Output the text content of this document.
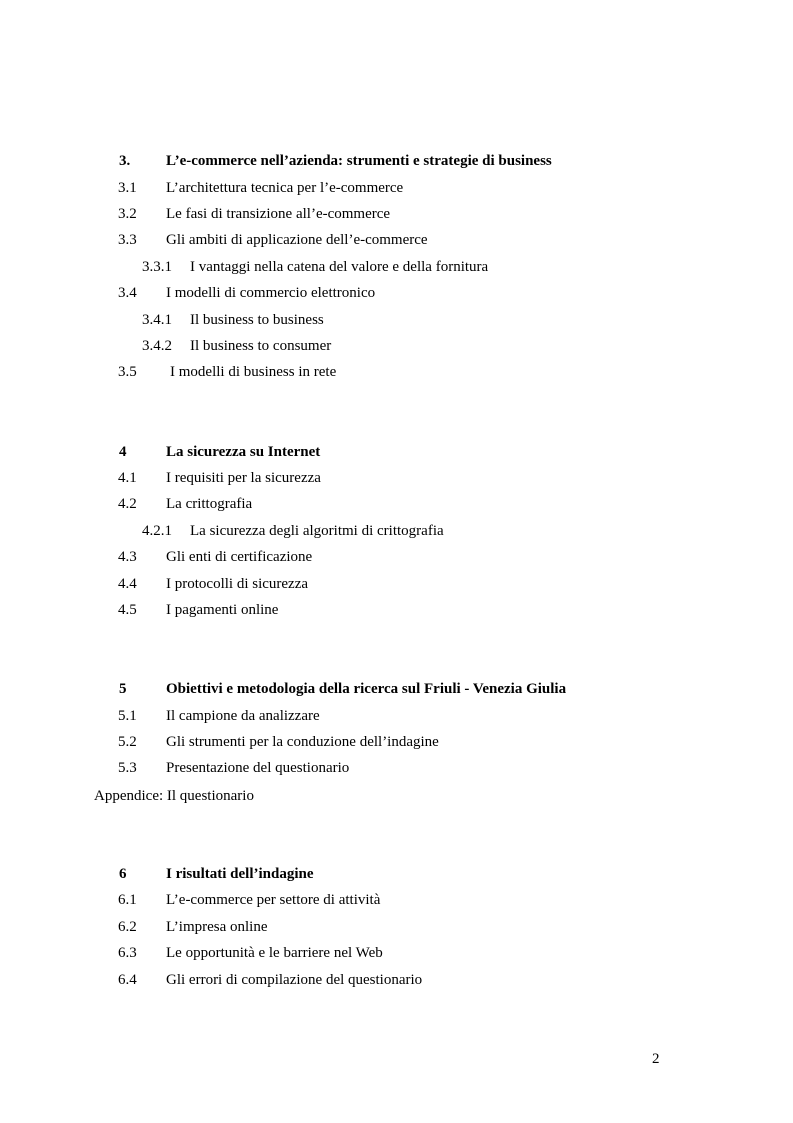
3. L’e-commerce nell’azienda: strumenti e strategie di business
3.1 L’architettura tecnica per l’e-commerce
3.2 Le fasi di transizione all’e-commerce
3.3 Gli ambiti di applicazione dell’e-commerce
3.3.1 I vantaggi nella catena del valore e della fornitura
3.4 I modelli di commercio elettronico
3.4.1 Il business to business
3.4.2 Il business to consumer
3.5 I modelli di business in rete
4	La sicurezza su Internet
4.1 I requisiti per la sicurezza
4.2 La crittografia
4.2.1 La sicurezza degli algoritmi di crittografia
4.3 Gli enti di certificazione
4.4 I protocolli di sicurezza
4.5 I pagamenti online
5	Obiettivi e metodologia della ricerca sul Friuli - Venezia Giulia
5.1 Il campione da analizzare
5.2 Gli strumenti per la conduzione dell’indagine
5.3 Presentazione del questionario
Appendice: Il questionario
6	I risultati dell’indagine
6.1 L’e-commerce per settore di attività
6.2 L’impresa online
6.3 Le opportunità e le barriere nel Web
6.4 Gli errori di compilazione del questionario
2
